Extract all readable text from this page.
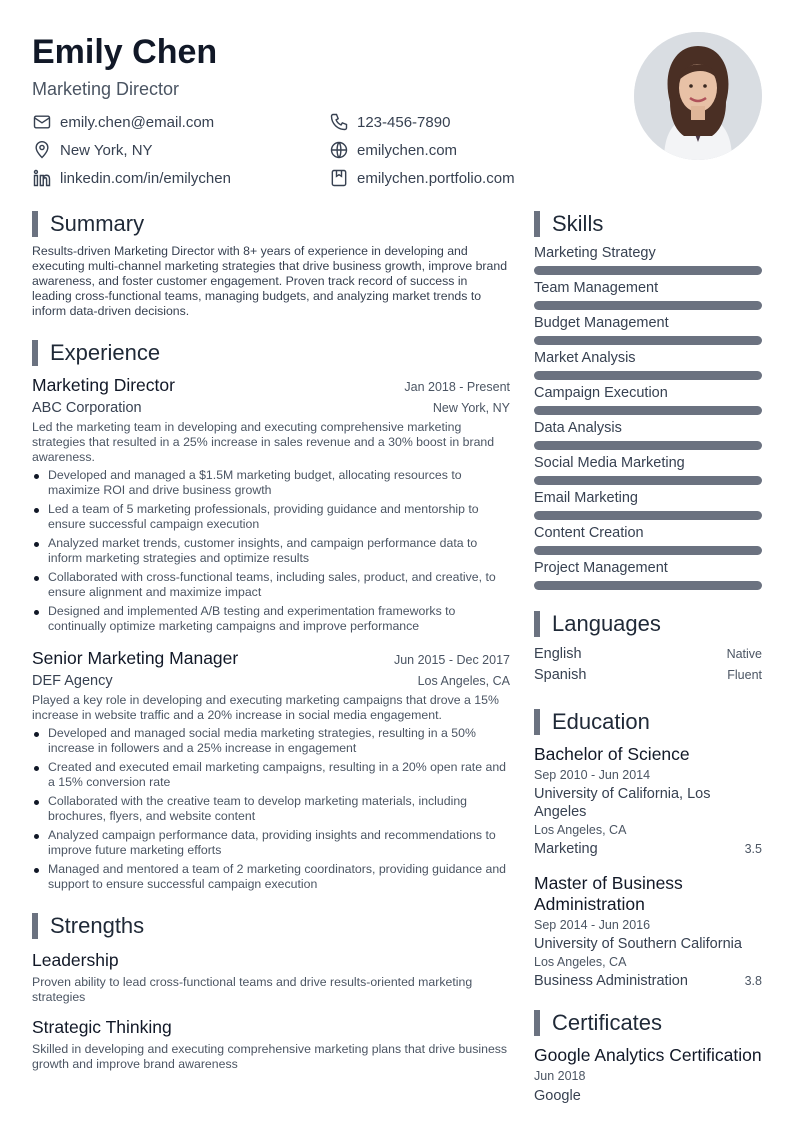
Emily Chen
Marketing Director
emily.chen@email.com	123-456-7890
New York, NY	emilychen.com
linkedin.com/in/emilychen	emilychen.portfolio.com
Summary
Results-driven Marketing Director with 8+ years of experience in developing and executing multi-channel marketing strategies that drive business growth, improve brand awareness, and foster customer engagement. Proven track record of success in leading cross-functional teams, managing budgets, and analyzing market trends to inform data-driven decisions.
Experience
Marketing Director	Jan 2018 - Present
ABC Corporation	New York, NY
Led the marketing team in developing and executing comprehensive marketing strategies that resulted in a 25% increase in sales revenue and a 30% boost in brand awareness.
Developed and managed a $1.5M marketing budget, allocating resources to maximize ROI and drive business growth
Led a team of 5 marketing professionals, providing guidance and mentorship to ensure successful campaign execution
Analyzed market trends, customer insights, and campaign performance data to inform marketing strategies and optimize results
Collaborated with cross-functional teams, including sales, product, and creative, to ensure alignment and maximize impact
Designed and implemented A/B testing and experimentation frameworks to continually optimize marketing campaigns and improve performance
Senior Marketing Manager	Jun 2015 - Dec 2017
DEF Agency	Los Angeles, CA
Played a key role in developing and executing marketing campaigns that drove a 15% increase in website traffic and a 20% increase in social media engagement.
Developed and managed social media marketing strategies, resulting in a 50% increase in followers and a 25% increase in engagement
Created and executed email marketing campaigns, resulting in a 20% open rate and a 15% conversion rate
Collaborated with the creative team to develop marketing materials, including brochures, flyers, and website content
Analyzed campaign performance data, providing insights and recommendations to improve future marketing efforts
Managed and mentored a team of 2 marketing coordinators, providing guidance and support to ensure successful campaign execution
Strengths
Leadership
Proven ability to lead cross-functional teams and drive results-oriented marketing strategies
Strategic Thinking
Skilled in developing and executing comprehensive marketing plans that drive business growth and improve brand awareness
Skills
Marketing Strategy
Team Management
Budget Management
Market Analysis
Campaign Execution
Data Analysis
Social Media Marketing
Email Marketing
Content Creation
Project Management
Languages
English	Native
Spanish	Fluent
Education
Bachelor of Science
Sep 2010 - Jun 2014
University of California, Los Angeles
Los Angeles, CA
Marketing	3.5
Master of Business Administration
Sep 2014 - Jun 2016
University of Southern California
Los Angeles, CA
Business Administration	3.8
Certificates
Google Analytics Certification
Jun 2018
Google
